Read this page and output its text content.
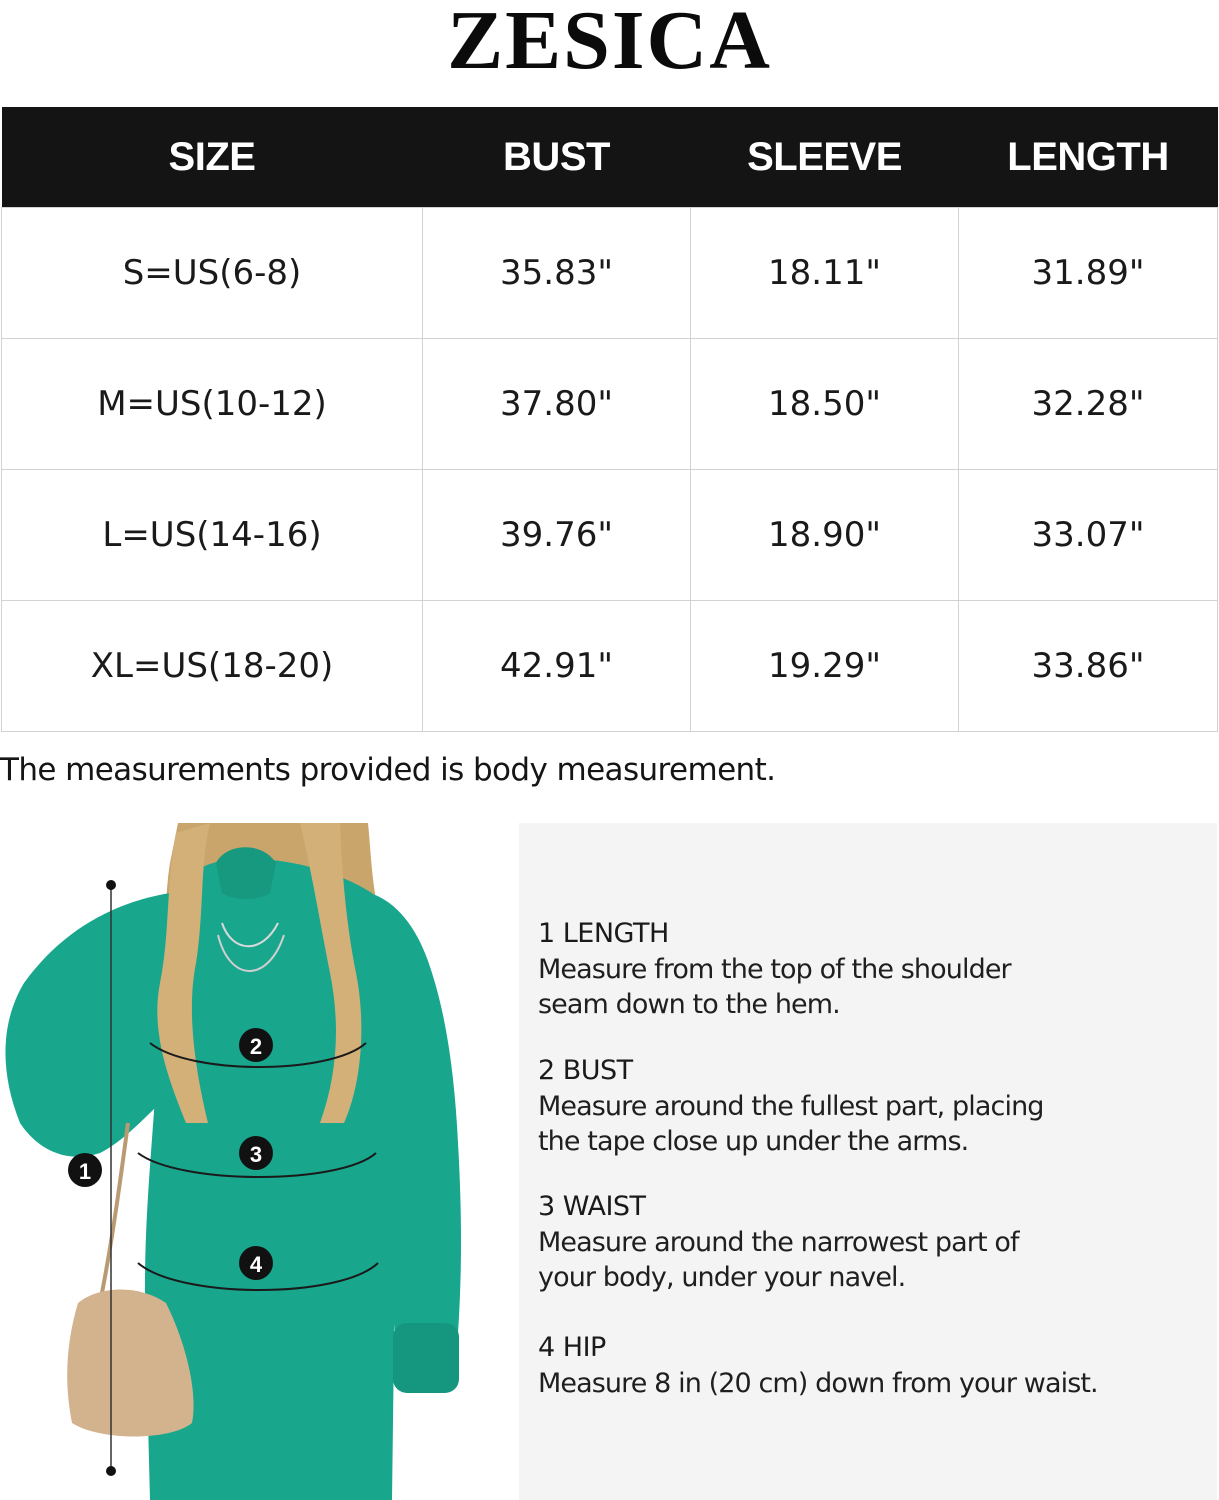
ZESICA
SIZE	BUST	SLEEVE	LENGTH
S=US(6-8)	35.83"	18.11"	31.89"
M=US(10-12)	37.80"	18.50"	32.28"
L=US(14-16)	39.76"	18.90"	33.07"
XL=US(18-20)	42.91"	19.29"	33.86"
The measurements provided is body measurement.
1
2
3
4
1 LENGTH
Measure from the top of the shoulder
seam down to the hem.
2 BUST
Measure around the fullest part, placing
the tape close up under the arms.
3 WAIST
Measure around the narrowest part of
your body, under your navel.
4 HIP
Measure 8 in (20 cm) down from your waist.
